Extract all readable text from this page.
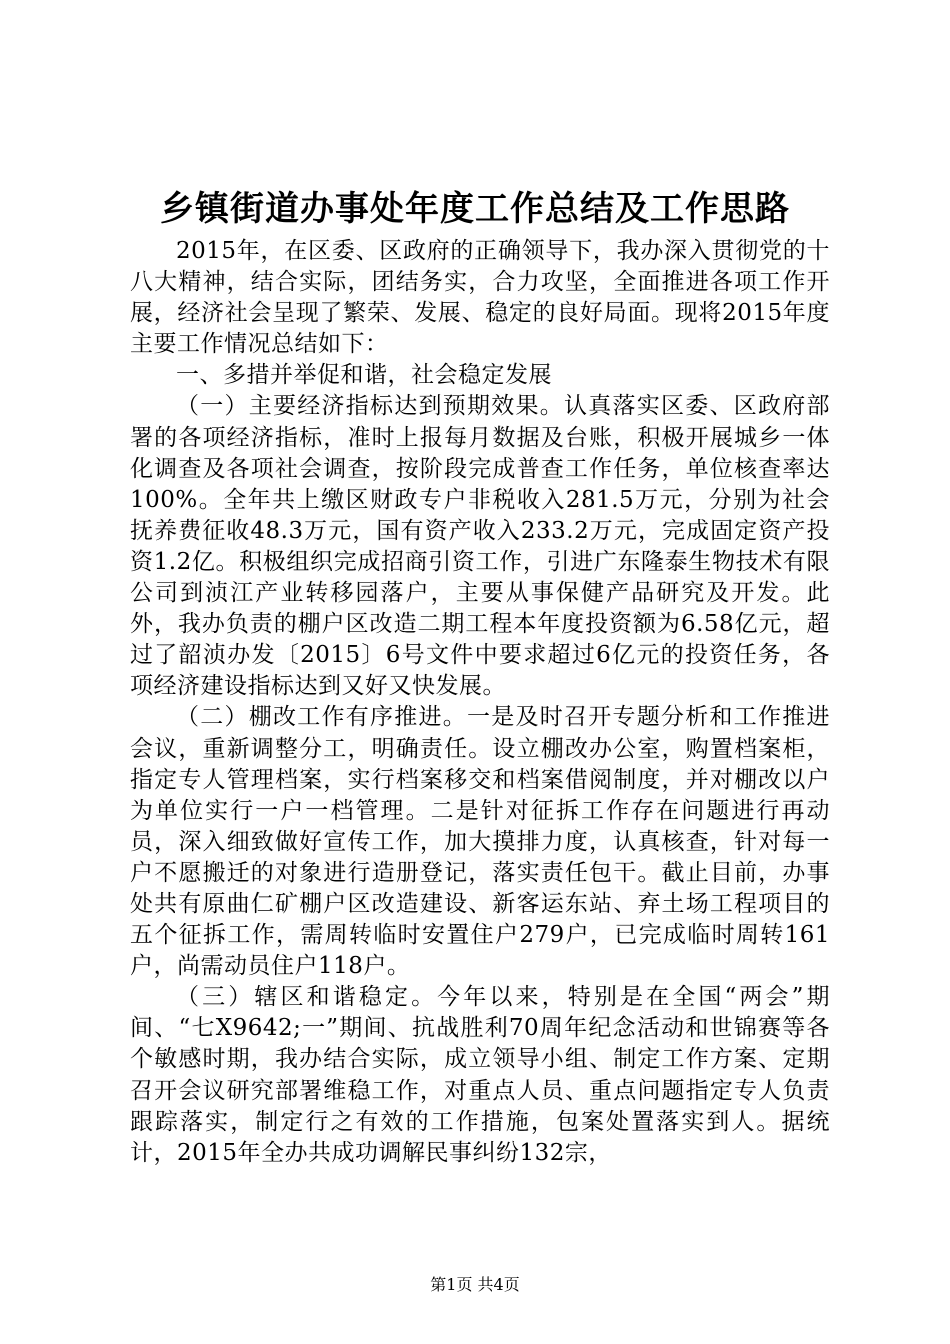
乡镇街道办事处年度工作总结及工作思路

2015年，在区委、区政府的正确领导下，我办深入贯彻党的十八大精神，结合实际，团结务实，合力攻坚，全面推进各项工作开展，经济社会呈现了繁荣、发展、稳定的良好局面。现将2015年度主要工作情况总结如下：

一、多措并举促和谐，社会稳定发展

（一）主要经济指标达到预期效果。认真落实区委、区政府部署的各项经济指标，准时上报每月数据及台账，积极开展城乡一体化调查及各项社会调查，按阶段完成普查工作任务，单位核查率达100%。全年共上缴区财政专户非税收入281.5万元，分别为社会抚养费征收48.3万元，国有资产收入233.2万元，完成固定资产投资1.2亿。积极组织完成招商引资工作，引进广东隆泰生物技术有限公司到浈江产业转移园落户，主要从事保健产品研究及开发。此外，我办负责的棚户区改造二期工程本年度投资额为6.58亿元，超过了韶浈办发〔2015〕6号文件中要求超过6亿元的投资任务，各项经济建设指标达到又好又快发展。

（二）棚改工作有序推进。一是及时召开专题分析和工作推进会议，重新调整分工，明确责任。设立棚改办公室，购置档案柜，指定专人管理档案，实行档案移交和档案借阅制度，并对棚改以户为单位实行一户一档管理。二是针对征拆工作存在问题进行再动员，深入细致做好宣传工作，加大摸排力度，认真核查，针对每一户不愿搬迁的对象进行造册登记，落实责任包干。截止目前，办事处共有原曲仁矿棚户区改造建设、新客运东站、弃土场工程项目的五个征拆工作，需周转临时安置住户279户，已完成临时周转161户，尚需动员住户118户。

（三）辖区和谐稳定。今年以来，特别是在全国“两会”期间、“七X9642;一”期间、抗战胜利70周年纪念活动和世锦赛等各个敏感时期，我办结合实际，成立领导小组、制定工作方案、定期召开会议研究部署维稳工作，对重点人员、重点问题指定专人负责跟踪落实，制定行之有效的工作措施，包案处置落实到人。据统计，2015年全办共成功调解民事纠纷132宗，

第1页 共4页
